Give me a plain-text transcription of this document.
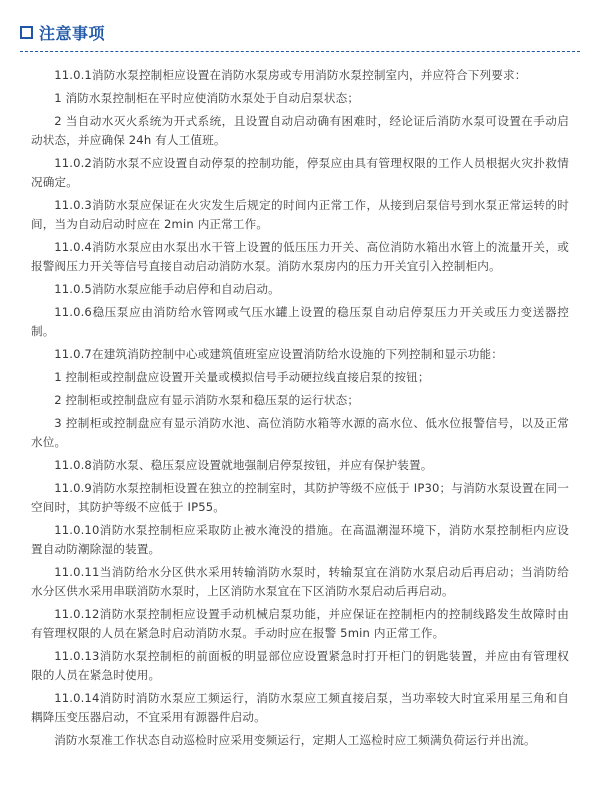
注意事项

11.0.1消防水泵控制柜应设置在消防水泵房或专用消防水泵控制室内，并应符合下列要求：

1 消防水泵控制柜在平时应使消防水泵处于自动启泵状态；

2 当自动水灭火系统为开式系统，且设置自动启动确有困难时，经论证后消防水泵可设置在手动启动状态，并应确保 24h 有人工值班。

11.0.2消防水泵不应设置自动停泵的控制功能，停泵应由具有管理权限的工作人员根据火灾扑救情况确定。

11.0.3消防水泵应保证在火灾发生后规定的时间内正常工作，从接到启泵信号到水泵正常运转的时间，当为自动启动时应在 2min 内正常工作。

11.0.4消防水泵应由水泵出水干管上设置的低压压力开关、高位消防水箱出水管上的流量开关，或报警阀压力开关等信号直接自动启动消防水泵。消防水泵房内的压力开关宜引入控制柜内。

11.0.5消防水泵应能手动启停和自动启动。

11.0.6稳压泵应由消防给水管网或气压水罐上设置的稳压泵自动启停泵压力开关或压力变送器控制。

11.0.7在建筑消防控制中心或建筑值班室应设置消防给水设施的下列控制和显示功能：

1 控制柜或控制盘应设置开关量或模拟信号手动硬拉线直接启泵的按钮；

2 控制柜或控制盘应有显示消防水泵和稳压泵的运行状态；

3 控制柜或控制盘应有显示消防水池、高位消防水箱等水源的高水位、低水位报警信号，以及正常水位。

11.0.8消防水泵、稳压泵应设置就地强制启停泵按钮，并应有保护装置。

11.0.9消防水泵控制柜设置在独立的控制室时，其防护等级不应低于 IP30；与消防水泵设置在同一空间时，其防护等级不应低于 IP55。

11.0.10消防水泵控制柜应采取防止被水淹没的措施。在高温潮湿环境下，消防水泵控制柜内应设置自动防潮除湿的装置。

11.0.11当消防给水分区供水采用转输消防水泵时，转输泵宜在消防水泵启动后再启动；当消防给水分区供水采用串联消防水泵时，上区消防水泵宜在下区消防水泵启动后再启动。

11.0.12消防水泵控制柜应设置手动机械启泵功能，并应保证在控制柜内的控制线路发生故障时由有管理权限的人员在紧急时启动消防水泵。手动时应在报警 5min 内正常工作。

11.0.13消防水泵控制柜的前面板的明显部位应设置紧急时打开柜门的钥匙装置，并应由有管理权限的人员在紧急时使用。

11.0.14消防时消防水泵应工频运行，消防水泵应工频直接启泵，当功率较大时宜采用星三角和自耦降压变压器启动，不宜采用有源器件启动。

消防水泵准工作状态自动巡检时应采用变频运行，定期人工巡检时应工频满负荷运行并出流。
